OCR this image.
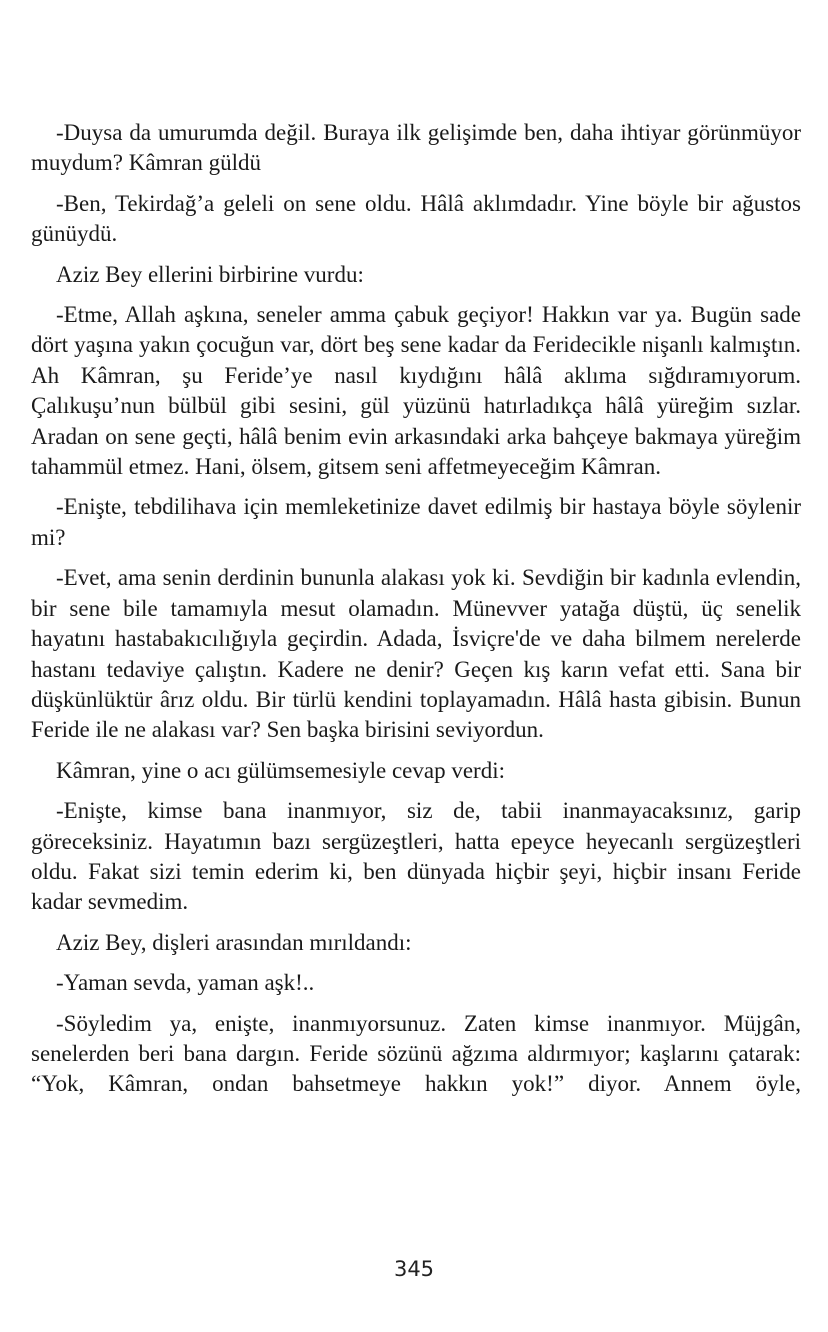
-Duysa da umurumda değil. Buraya ilk gelişimde ben, daha ihtiyar görünmüyor muydum? Kâmran güldü

-Ben, Tekirdağ’a geleli on sene oldu. Hâlâ aklımdadır. Yine böyle bir ağustos günüydü.

Aziz Bey ellerini birbirine vurdu:

-Etme, Allah aşkına, seneler amma çabuk geçiyor! Hakkın var ya. Bugün sade dört yaşına yakın çocuğun var, dört beş sene kadar da Feridecikle nişanlı kalmıştın. Ah Kâmran, şu Feride’ye nasıl kıydığını hâlâ aklıma sığdıramıyorum. Çalıkuşu’nun bülbül gibi sesini, gül yüzünü hatırladıkça hâlâ yüreğim sızlar. Aradan on sene geçti, hâlâ benim evin arkasındaki arka bahçeye bakmaya yüreğim tahammül etmez. Hani, ölsem, gitsem seni affetmeyeceğim Kâmran.

-Enişte, tebdilihava için memleketinize davet edilmiş bir hastaya böyle söylenir mi?

-Evet, ama senin derdinin bununla alakası yok ki. Sevdiğin bir kadınla evlendin, bir sene bile tamamıyla mesut olamadın. Münevver yatağa düştü, üç senelik hayatını hastabakıcılığıyla geçirdin. Adada, İsviçre'de ve daha bilmem nerelerde hastanı tedaviye çalıştın. Kadere ne denir? Geçen kış karın vefat etti. Sana bir düşkünlüktür ârız oldu. Bir türlü kendini toplayamadın. Hâlâ hasta gibisin. Bunun Feride ile ne alakası var? Sen başka birisini seviyordun.

Kâmran, yine o acı gülümsemesiyle cevap verdi:

-Enişte, kimse bana inanmıyor, siz de, tabii inanmayacaksınız, garip göreceksiniz. Hayatımın bazı sergüzeştleri, hatta epeyce heyecanlı sergüzeştleri oldu. Fakat sizi temin ederim ki, ben dünyada hiçbir şeyi, hiçbir insanı Feride kadar sevmedim.

Aziz Bey, dişleri arasından mırıldandı:

-Yaman sevda, yaman aşk!..

-Söyledim ya, enişte, inanmıyorsunuz. Zaten kimse inanmıyor. Müjgân, senelerden beri bana dargın. Feride sözünü ağzıma aldırmıyor; kaşlarını çatarak: “Yok, Kâmran, ondan bahsetmeye hakkın yok!” diyor. Annem öyle,

345
